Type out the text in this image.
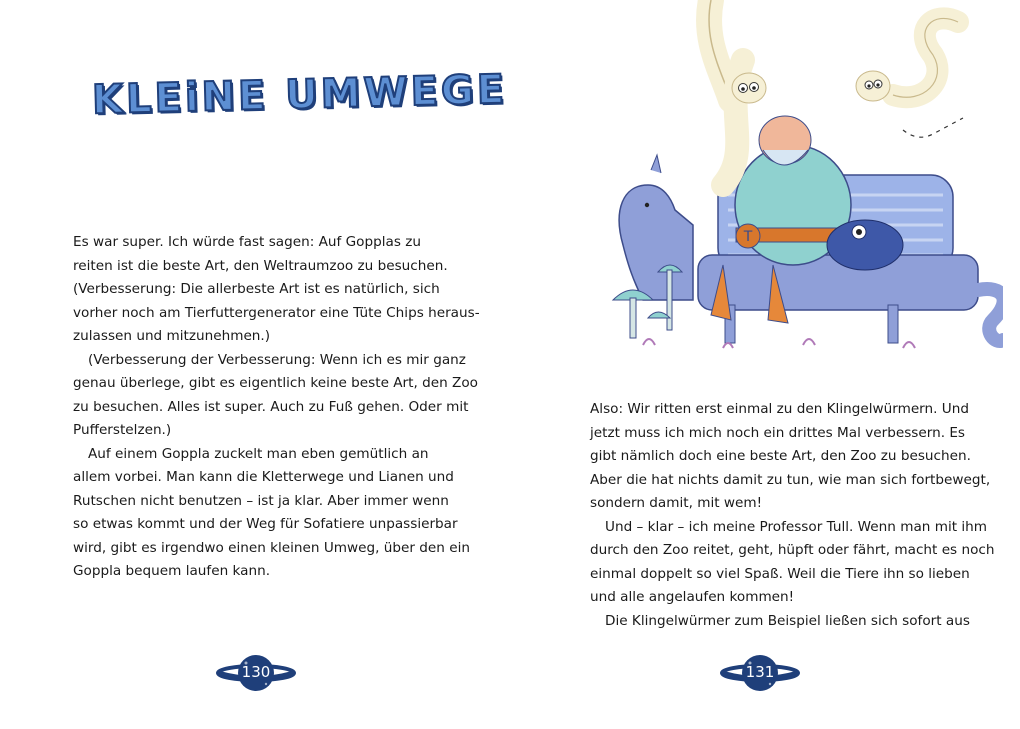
KLEiNE UMWEGE

Es war super. Ich würde fast sagen: Auf Gopplas zu

reiten ist die beste Art, den Weltraumzoo zu besuchen.

(Verbesserung: Die allerbeste Art ist es natürlich, sich

vorher noch am Tierfuttergenerator eine Tüte Chips heraus-

zulassen und mitzunehmen.)

(Verbesserung der Verbesserung: Wenn ich es mir ganz

genau überlege, gibt es eigentlich keine beste Art, den Zoo

zu besuchen. Alles ist super. Auch zu Fuß gehen. Oder mit

Pufferstelzen.)

Auf einem Goppla zuckelt man eben gemütlich an

allem vorbei. Man kann die Kletterwege und Lianen und

Rutschen nicht benutzen – ist ja klar. Aber immer wenn

so etwas kommt und der Weg für Sofatiere unpassierbar

wird, gibt es irgendwo einen kleinen Umweg, über den ein

Goppla bequem laufen kann.

130
T

Also: Wir ritten erst einmal zu den Klingelwürmern. Und

jetzt muss ich mich noch ein drittes Mal verbessern. Es

gibt nämlich doch eine beste Art, den Zoo zu besuchen.

Aber die hat nichts damit zu tun, wie man sich fortbewegt,

sondern damit, mit wem!

Und – klar – ich meine Professor Tull. Wenn man mit ihm

durch den Zoo reitet, geht, hüpft oder fährt, macht es noch

einmal doppelt so viel Spaß. Weil die Tiere ihn so lieben

und alle angelaufen kommen!

Die Klingelwürmer zum Beispiel ließen sich sofort aus

131
